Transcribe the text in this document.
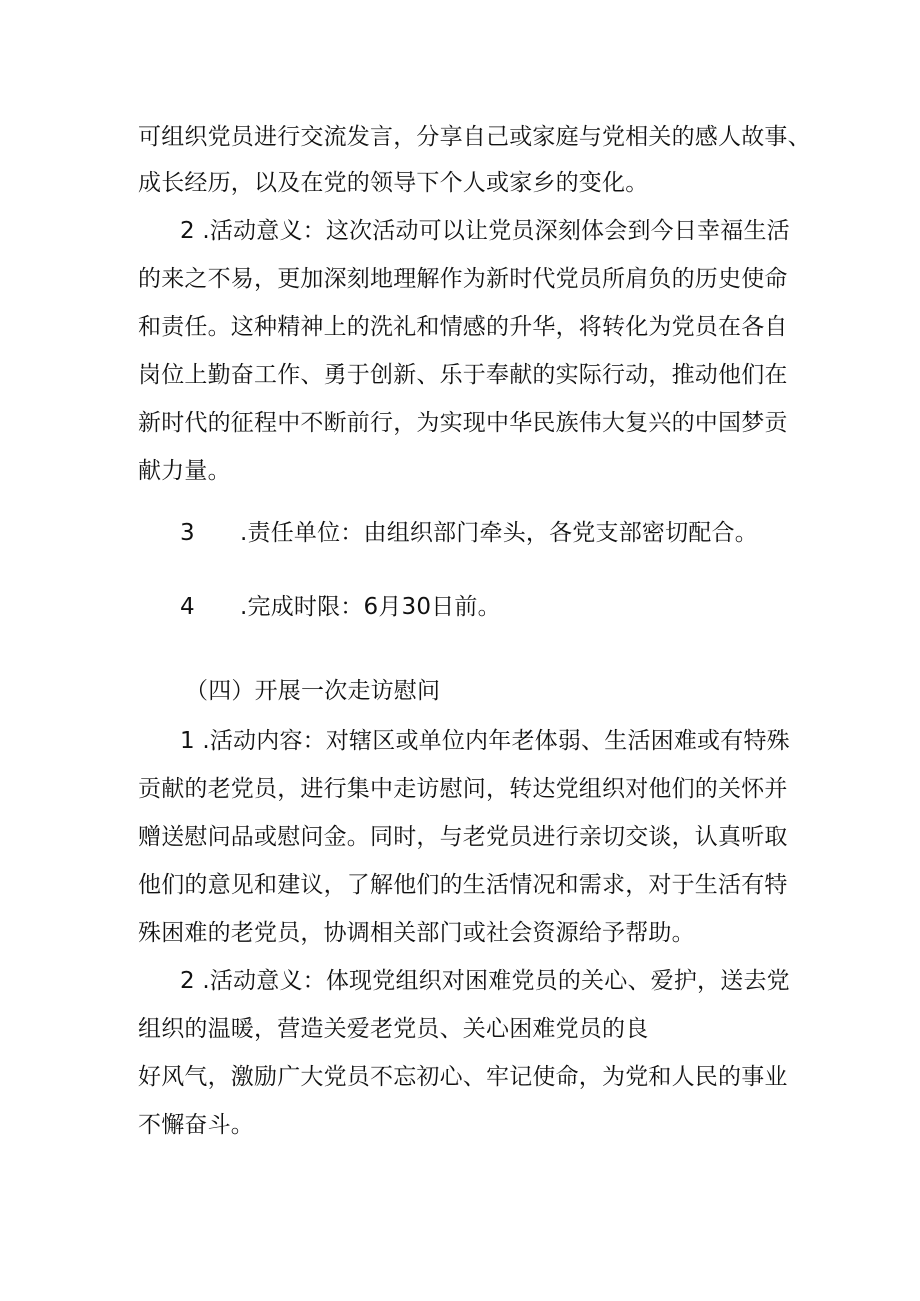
可组织党员进行交流发言，分享自己或家庭与党相关的感人故事、
成长经历，以及在党的领导下个人或家乡的变化。
2 .活动意义：这次活动可以让党员深刻体会到今日幸福生活
的来之不易，更加深刻地理解作为新时代党员所肩负的历史使命
和责任。这种精神上的洗礼和情感的升华，将转化为党员在各自
岗位上勤奋工作、勇于创新、乐于奉献的实际行动，推动他们在
新时代的征程中不断前行，为实现中华民族伟大复兴的中国梦贡
献力量。
3 .责任单位：由组织部门牵头，各党支部密切配合。
4 .完成时限：6月30日前。
（四）开展一次走访慰问
1 .活动内容：对辖区或单位内年老体弱、生活困难或有特殊
贡献的老党员，进行集中走访慰问，转达党组织对他们的关怀并
赠送慰问品或慰问金。同时，与老党员进行亲切交谈，认真听取
他们的意见和建议，了解他们的生活情况和需求，对于生活有特
殊困难的老党员，协调相关部门或社会资源给予帮助。
2 .活动意义：体现党组织对困难党员的关心、爱护，送去党
组织的温暖，营造关爱老党员、关心困难党员的良
好风气，激励广大党员不忘初心、牢记使命，为党和人民的事业
不懈奋斗。
